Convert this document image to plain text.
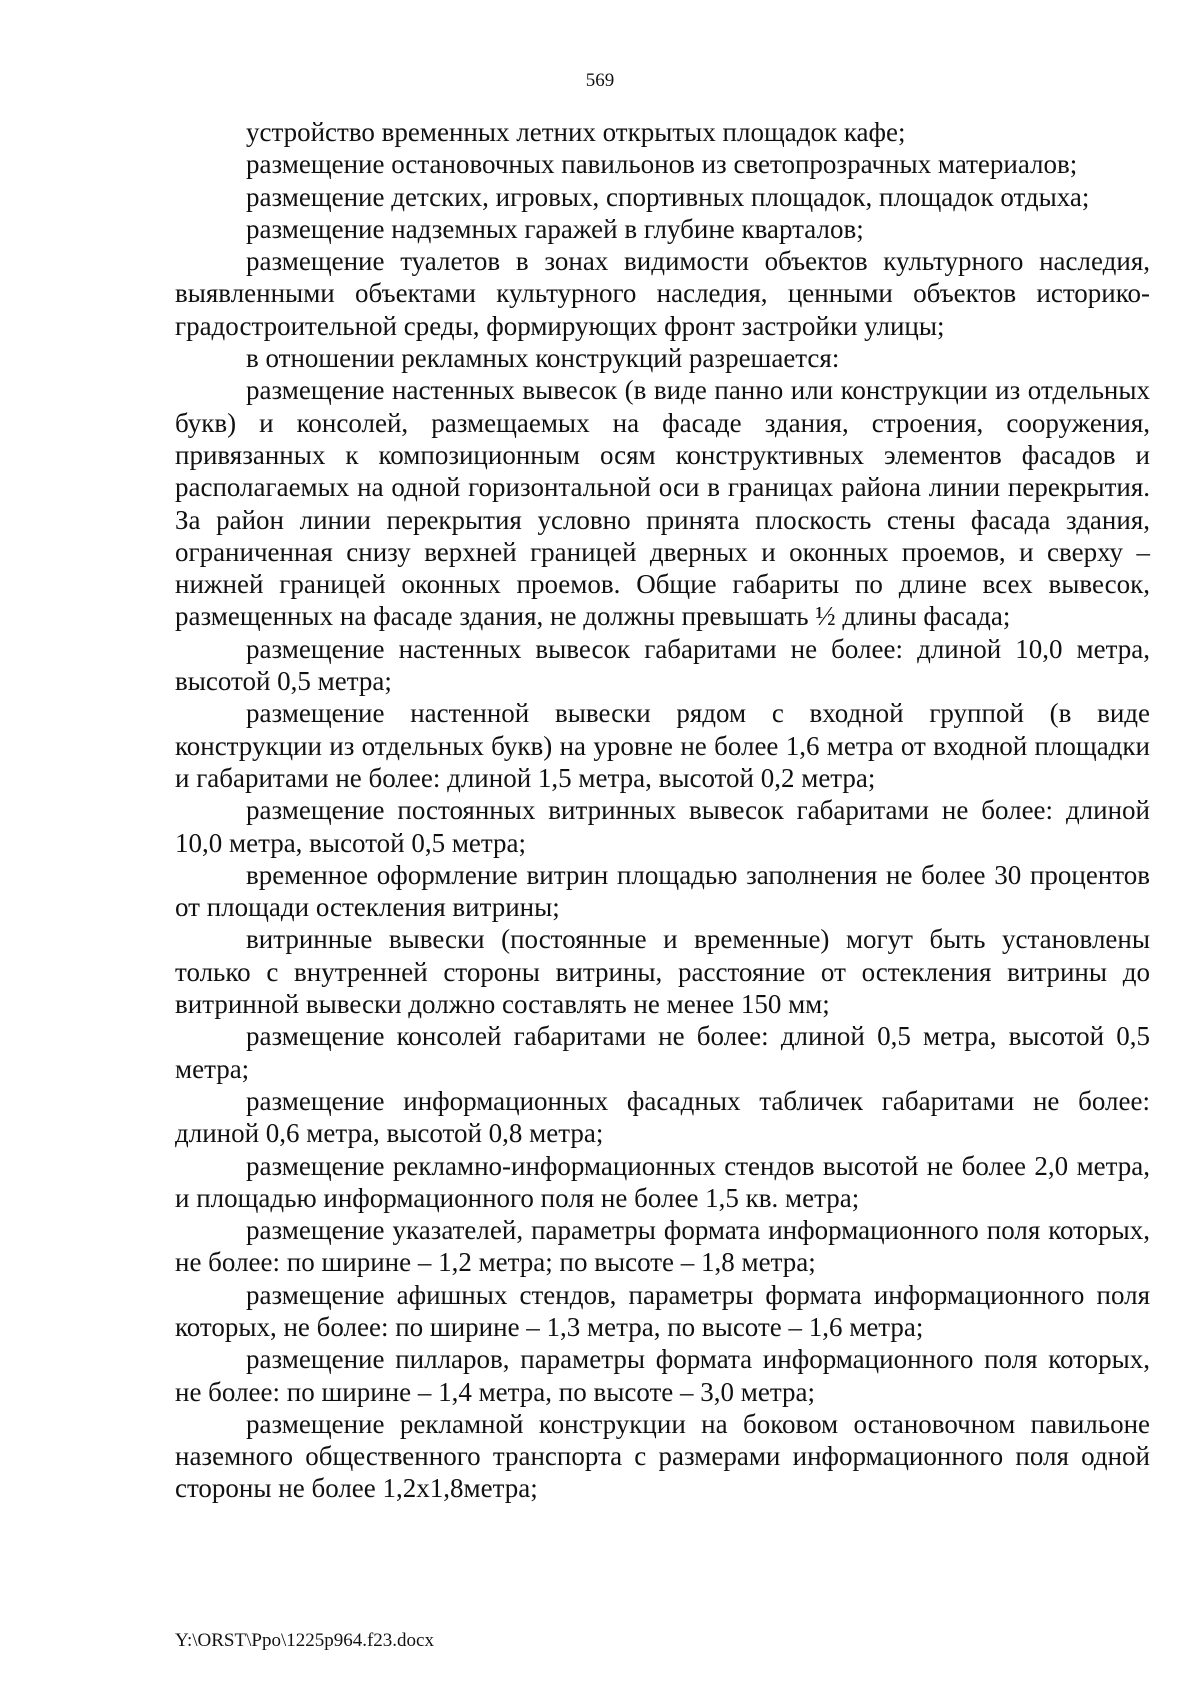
569

устройство временных летних открытых площадок кафе;

размещение остановочных павильонов из светопрозрачных материалов;

размещение детских, игровых, спортивных площадок, площадок отдыха;

размещение надземных гаражей в глубине кварталов;

размещение туалетов в зонах видимости объектов культурного наследия, выявленными объектами культурного наследия, ценными объектов историко-градостроительной среды, формирующих фронт застройки улицы;

в отношении рекламных конструкций разрешается:

размещение настенных вывесок (в виде панно или конструкции из отдельных букв) и консолей, размещаемых на фасаде здания, строения, сооружения, привязанных к композиционным осям конструктивных элементов фасадов и располагаемых на одной горизонтальной оси в границах района линии перекрытия. За район линии перекрытия условно принята плоскость стены фасада здания, ограниченная снизу верхней границей дверных и оконных проемов, и сверху – нижней границей оконных проемов. Общие габариты по длине всех вывесок, размещенных на фасаде здания, не должны превышать ½ длины фасада;

размещение настенных вывесок габаритами не более: длиной 10,0 метра, высотой 0,5 метра;

размещение настенной вывески рядом с входной группой (в виде конструкции из отдельных букв) на уровне не более 1,6 метра от входной площадки и габаритами не более: длиной 1,5 метра, высотой 0,2 метра;

размещение постоянных витринных вывесок габаритами не более: длиной 10,0 метра, высотой 0,5 метра;

временное оформление витрин площадью заполнения не более 30 процентов от площади остекления витрины;

витринные вывески (постоянные и временные) могут быть установлены только с внутренней стороны витрины, расстояние от остекления витрины до витринной вывески должно составлять не менее 150 мм;

размещение консолей габаритами не более: длиной 0,5 метра, высотой 0,5 метра;

размещение информационных фасадных табличек габаритами не более: длиной 0,6 метра, высотой 0,8 метра;

размещение рекламно-информационных стендов высотой не более 2,0 метра, и площадью информационного поля не более 1,5 кв. метра;

размещение указателей, параметры формата информационного поля которых, не более: по ширине – 1,2 метра; по высоте – 1,8 метра;

размещение афишных стендов, параметры формата информационного поля которых, не более: по ширине – 1,3 метра, по высоте – 1,6 метра;

размещение пилларов, параметры формата информационного поля которых, не более: по ширине – 1,4 метра, по высоте – 3,0 метра;

размещение рекламной конструкции на боковом остановочном павильоне наземного общественного транспорта с размерами информационного поля одной стороны не более 1,2x1,8метра;

Y:\ORST\Ppo\1225p964.f23.docx
